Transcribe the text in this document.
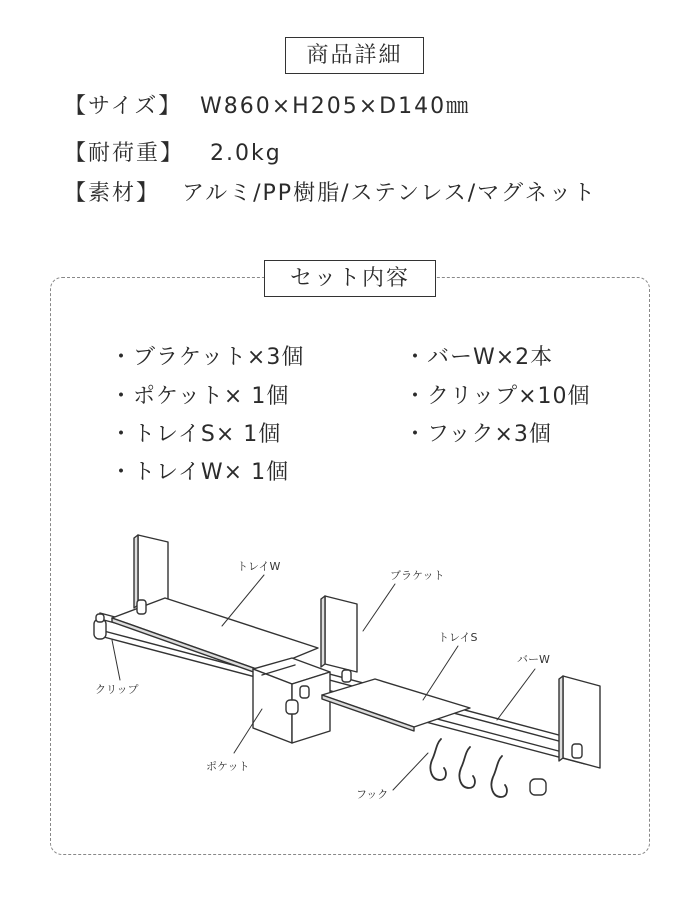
商品詳細
【サイズ】 W860×H205×D140㎜
【耐荷重】 2.0kg
【素材】 アルミ/PP樹脂/ステンレス/マグネット
セット内容
・ブラケット×3個
・ポケット× 1個
・トレイS× 1個
・トレイW× 1個
・バーW×2本
・クリップ×10個
・フック×3個
トレイW
ブラケット
トレイS
バーW
クリップ
ポケット
フック
